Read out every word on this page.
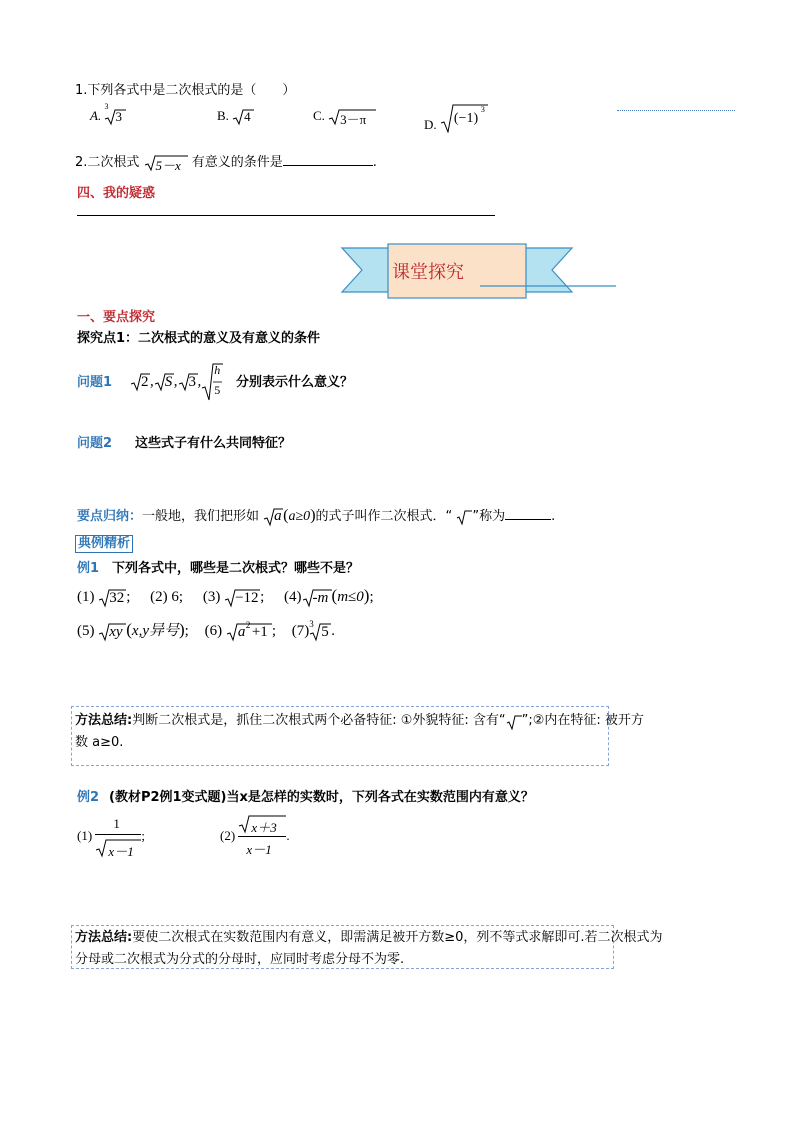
1.下列各式中是二次根式的是（　　）
A.
3
3	B. 4	C. 3－π	D. (−1)
3
2.二次根式 5－x 有意义的条件是	.
四、我的疑惑
课堂探究
一、要点探究
探究点1：二次根式的意义及有意义的条件
问题1 2 , S , 3 ,
h
5 分别表示什么意义？
问题2 这些式子有什么共同特征？
要点归纳：一般地，我们把形如 a (a≥0)的式子叫作二次根式．“ ”称为	.
典例精析
例1 下列各式中，哪些是二次根式？哪些不是？
(1) 32 ; (2) 6; (3) −12 ; (4) -m (m≤0);
(5) xy (x,y异号); (6) a 2 +1 ; (7) 3 5 .
方法总结:判断二次根式是，抓住二次根式两个必备特征: ①外貌特征: 含有“ ”;②内在特征: 被开方
数 a≥0.
例2 (教材P2例1变式题)当x是怎样的实数时，下列各式在实数范围内有意义？
$(1) \frac{1}{x-1}$ ;	$(2) \frac{x+3}{x-1}$ .
方法总结:要使二次根式在实数范围内有意义，即需满足被开方数≥0，列不等式求解即可.若二次根式为
分母或二次根式为分式的分母时，应同时考虑分母不为零.
